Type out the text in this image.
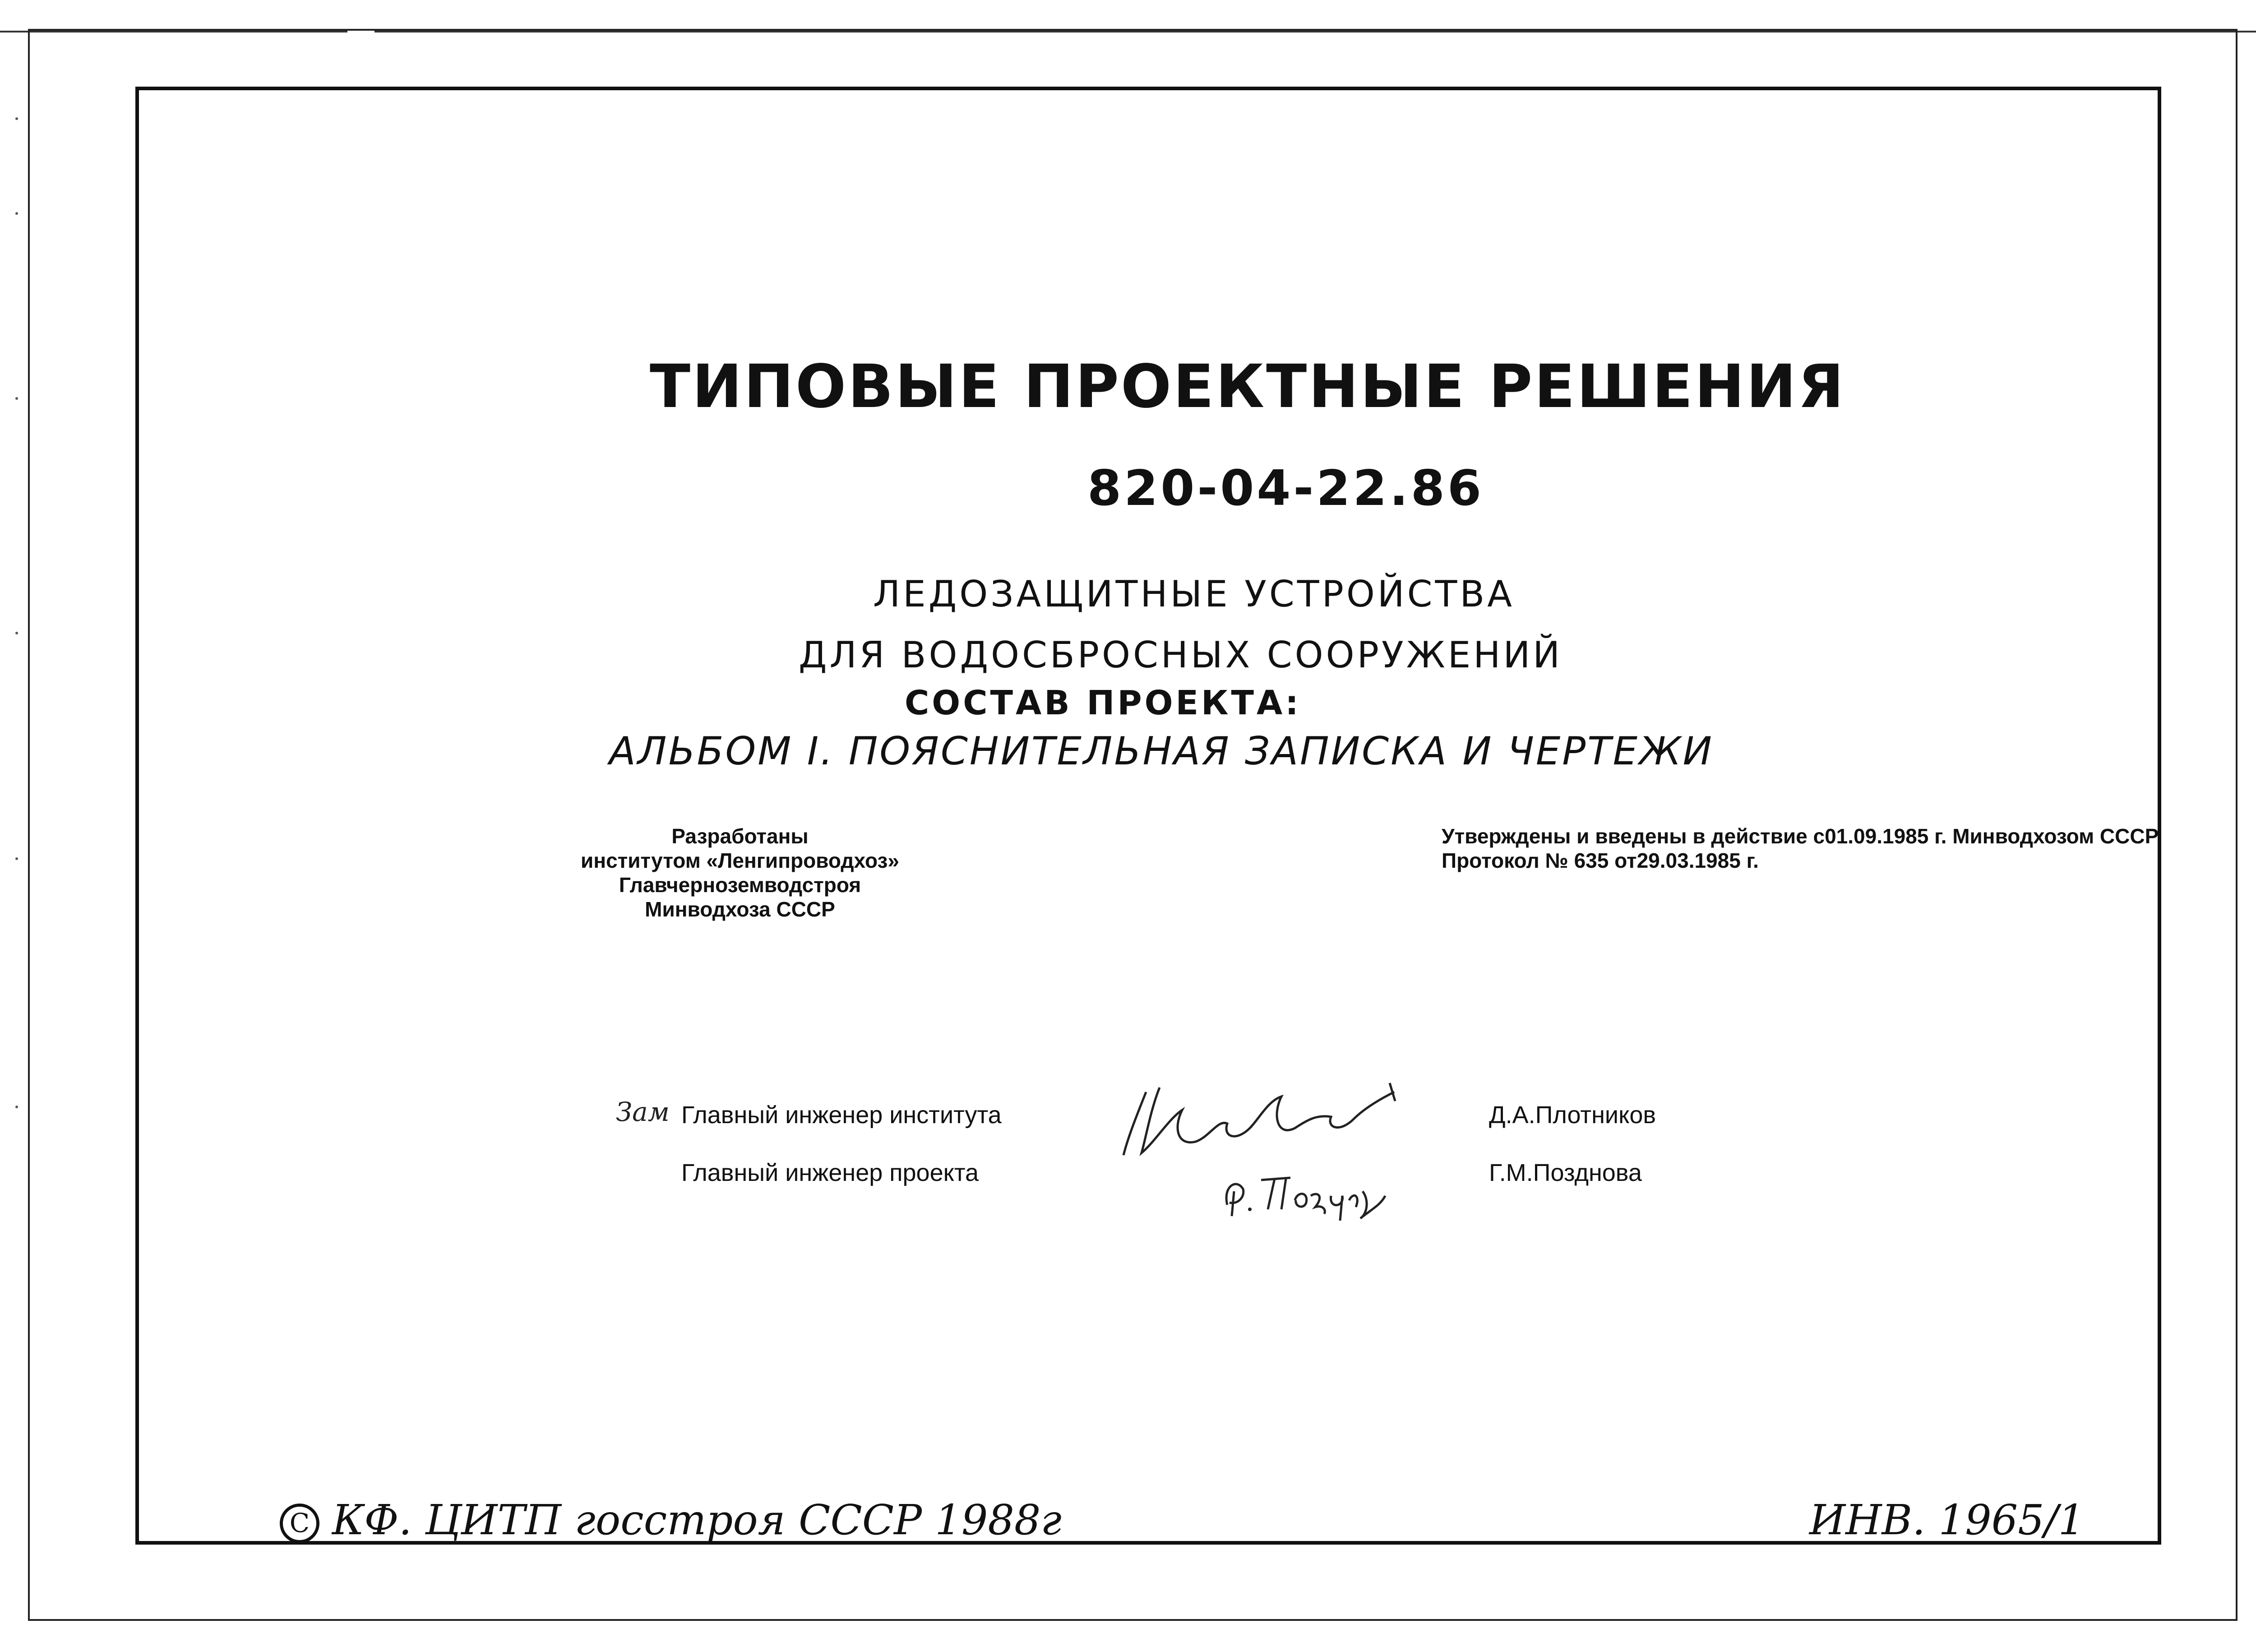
ТИПОВЫЕ ПРОЕКТНЫЕ РЕШЕНИЯ
820-04-22.86
ЛЕДОЗАЩИТНЫЕ УСТРОЙСТВА
ДЛЯ ВОДОСБРОСНЫХ СООРУЖЕНИЙ
СОСТАВ ПРОЕКТА:
АЛЬБОМ I. ПОЯСНИТЕЛЬНАЯ ЗАПИСКА И ЧЕРТЕЖИ
Разработаны
институтом «Ленгипроводхоз»
Главчерноземводстроя
Минводхоза СССР
Утверждены и введены в действие с01.09.1985 г. Минводхозом СССР
Протокол № 635 от29.03.1985 г.
Зам Главный инженер института
Главный инженер проекта
Д.А.Плотников
Г.М.Позднова
C КФ. ЦИТП госстроя СССР 1988г	ИНВ. 1965/1
